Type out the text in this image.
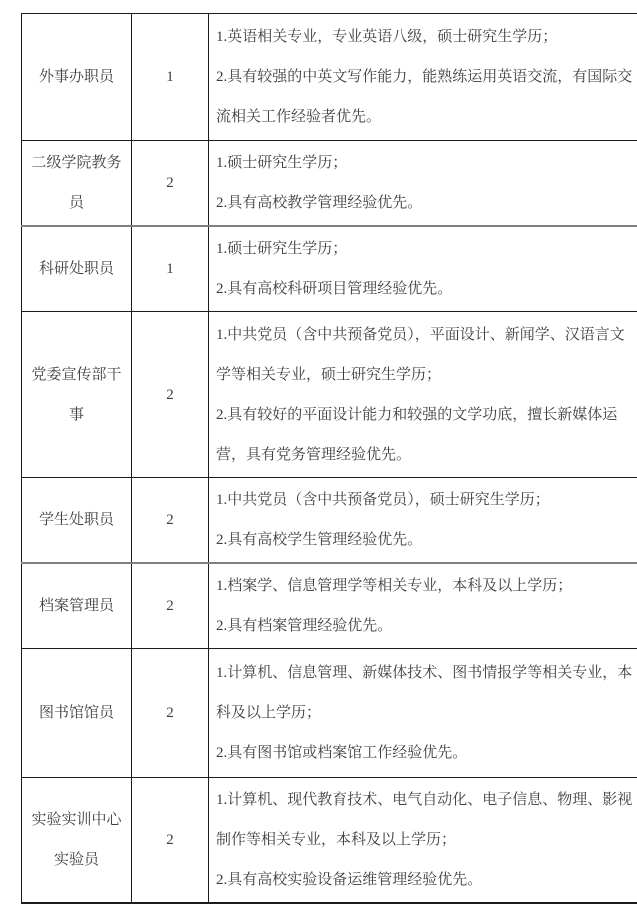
外事办职员	1	1.英语相关专业，专业英语八级，硕士研究生学历；
2.具有较强的中英文写作能力，能熟练运用英语交流，有国际交流相关工作经验者优先。

二级学院教务员	2	1.硕士研究生学历；
2.具有高校教学管理经验优先。

科研处职员	1	1.硕士研究生学历；
2.具有高校科研项目管理经验优先。

党委宣传部干事	2	1.中共党员（含中共预备党员），平面设计、新闻学、汉语言文学等相关专业，硕士研究生学历；
2.具有较好的平面设计能力和较强的文学功底，擅长新媒体运营，具有党务管理经验优先。

学生处职员	2	1.中共党员（含中共预备党员），硕士研究生学历；
2.具有高校学生管理经验优先。

档案管理员	2	1.档案学、信息管理学等相关专业，本科及以上学历；
2.具有档案管理经验优先。

图书馆馆员	2	1.计算机、信息管理、新媒体技术、图书情报学等相关专业，本科及以上学历；
2.具有图书馆或档案馆工作经验优先。

实验实训中心实验员	2	1.计算机、现代教育技术、电气自动化、电子信息、物理、影视制作等相关专业，本科及以上学历；
2.具有高校实验设备运维管理经验优先。
